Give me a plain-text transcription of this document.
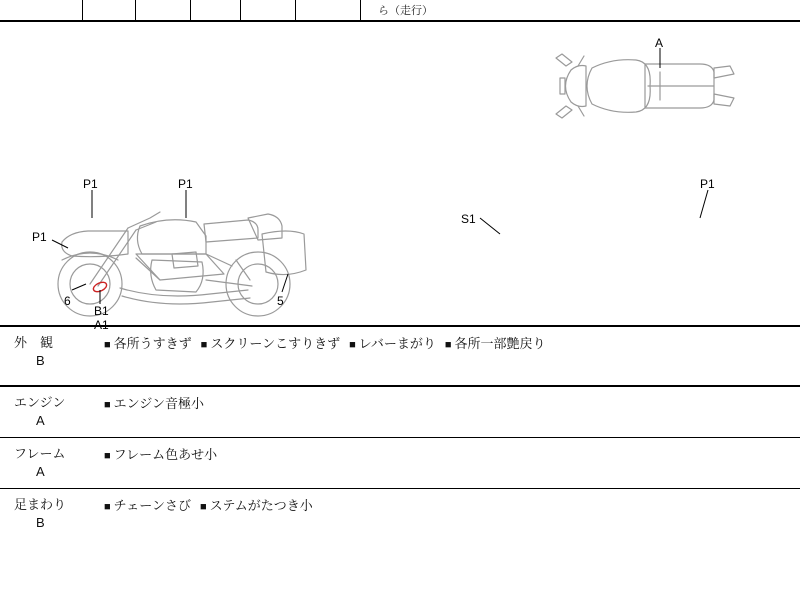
ら（走行）
A
P1	P1
P1
6
B1
A1
5
S1
P1
外　観
B
■ 各所うすきず ■ スクリーンこすりきず ■ レバーまがり ■ 各所一部艶戻り
エンジン
A
■ エンジン音極小
フレーム
A
■ フレーム色あせ小
足まわり
B
■ チェーンさび ■ ステムがたつき小
